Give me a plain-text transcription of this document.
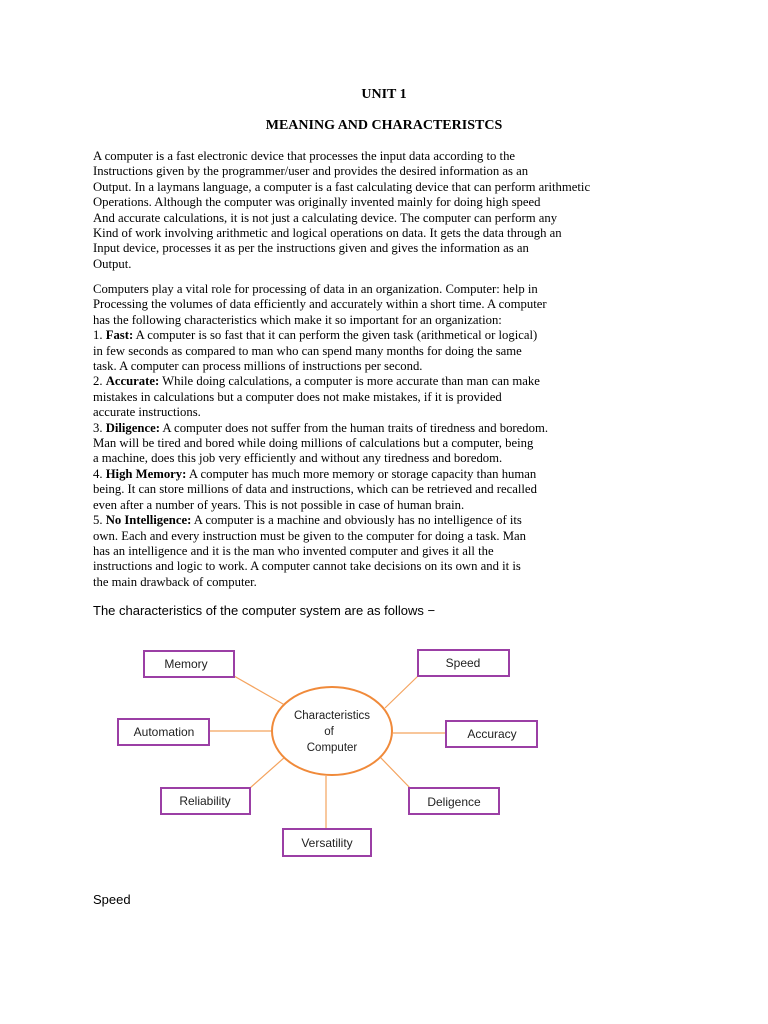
UNIT 1
MEANING AND CHARACTERISTCS
A computer is a fast electronic device that processes the input data according to the
Instructions given by the programmer/user and provides the desired information as an
Output. In a laymans language, a computer is a fast calculating device that can perform arithmetic
Operations. Although the computer was originally invented mainly for doing high speed
And accurate calculations, it is not just a calculating device. The computer can perform any
Kind of work involving arithmetic and logical operations on data. It gets the data through an
Input device, processes it as per the instructions given and gives the information as an
Output.
Computers play a vital role for processing of data in an organization. Computer: help in
Processing the volumes of data efficiently and accurately within a short time. A computer
has the following characteristics which make it so important for an organization:
1. Fast: A computer is so fast that it can perform the given task (arithmetical or logical)
in few seconds as compared to man who can spend many months for doing the same
task. A computer can process millions of instructions per second.
2. Accurate: While doing calculations, a computer is more accurate than man can make
mistakes in calculations but a computer does not make mistakes, if it is provided
accurate instructions.
3. Diligence: A computer does not suffer from the human traits of tiredness and boredom.
Man will be tired and bored while doing millions of calculations but a computer, being
a machine, does this job very efficiently and without any tiredness and boredom.
4. High Memory: A computer has much more memory or storage capacity than human
being. It can store millions of data and instructions, which can be retrieved and recalled
even after a number of years. This is not possible in case of human brain.
5. No Intelligence: A computer is a machine and obviously has no intelligence of its
own. Each and every instruction must be given to the computer for doing a task. Man
has an intelligence and it is the man who invented computer and gives it all the
instructions and logic to work. A computer cannot take decisions on its own and it is
the main drawback of computer.
The characteristics of the computer system are as follows −
Characteristics
of
Computer
Memory	Speed
Automation	Accuracy
Reliability	Deligence
Versatility
Speed
